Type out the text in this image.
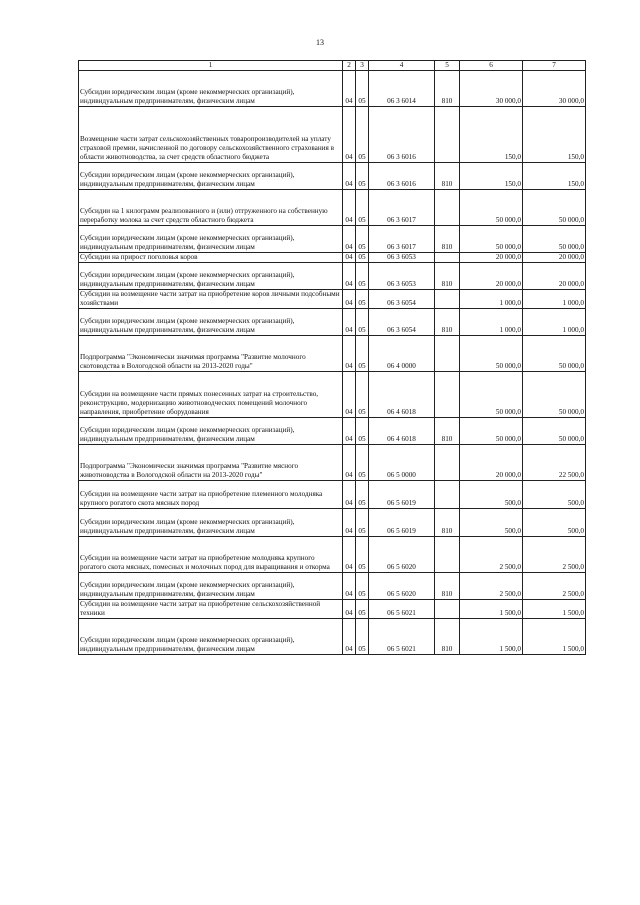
13
1	2	3	4	5	6	7
Субсидии юридическим лицам (кроме некоммерческих организаций), индивидуальным предпринимателям, физическим лицам	04	05	06 3 6014	810	30 000,0	30 000,0
Возмещение части затрат сельскохозяйственных товаропроизводителей на уплату страховой премии, начисленной по договору сельскохозяйственного страхования в области животноводства, за счет средств областного бюджета	04	05	06 3 6016		150,0	150,0
Субсидии юридическим лицам (кроме некоммерческих организаций), индивидуальным предпринимателям, физическим лицам	04	05	06 3 6016	810	150,0	150,0
Субсидии на 1 килограмм реализованного и (или) отгруженного на собственную переработку молока за счет средств областного бюджета	04	05	06 3 6017		50 000,0	50 000,0
Субсидии юридическим лицам (кроме некоммерческих организаций), индивидуальным предпринимателям, физическим лицам	04	05	06 3 6017	810	50 000,0	50 000,0
Субсидии на прирост поголовья коров	04	05	06 3 6053		20 000,0	20 000,0
Субсидии юридическим лицам (кроме некоммерческих организаций), индивидуальным предпринимателям, физическим лицам	04	05	06 3 6053	810	20 000,0	20 000,0
Субсидии на возмещение части затрат на приобретение коров личными подсобными хозяйствами	04	05	06 3 6054		1 000,0	1 000,0
Субсидии юридическим лицам (кроме некоммерческих организаций), индивидуальным предпринимателям, физическим лицам	04	05	06 3 6054	810	1 000,0	1 000,0
Подпрограмма "Экономически значимая программа "Развитие молочного скотоводства в Вологодской области на 2013-2020 годы"	04	05	06 4 0000		50 000,0	50 000,0
Субсидии на возмещение части прямых понесенных затрат на строительство, реконструкцию, модернизацию животноводческих помещений молочного направления, приобретение оборудования	04	05	06 4 6018		50 000,0	50 000,0
Субсидии юридическим лицам (кроме некоммерческих организаций), индивидуальным предпринимателям, физическим лицам	04	05	06 4 6018	810	50 000,0	50 000,0
Подпрограмма "Экономически значимая программа "Развитие мясного животноводства в Вологодской области на 2013-2020 годы"	04	05	06 5 0000		20 000,0	22 500,0
Субсидии на возмещение части затрат на приобретение племенного молодняка крупного рогатого скота мясных пород	04	05	06 5 6019		500,0	500,0
Субсидии юридическим лицам (кроме некоммерческих организаций), индивидуальным предпринимателям, физическим лицам	04	05	06 5 6019	810	500,0	500,0
Субсидии на возмещение части затрат на приобретение молодняка крупного рогатого скота мясных, помесных и молочных пород для выращивания и откорма	04	05	06 5 6020		2 500,0	2 500,0
Субсидии юридическим лицам (кроме некоммерческих организаций), индивидуальным предпринимателям, физическим лицам	04	05	06 5 6020	810	2 500,0	2 500,0
Субсидии на возмещение части затрат на приобретение сельскохозяйственной техники	04	05	06 5 6021		1 500,0	1 500,0
Субсидии юридическим лицам (кроме некоммерческих организаций), индивидуальным предпринимателям, физическим лицам	04	05	06 5 6021	810	1 500,0	1 500,0
